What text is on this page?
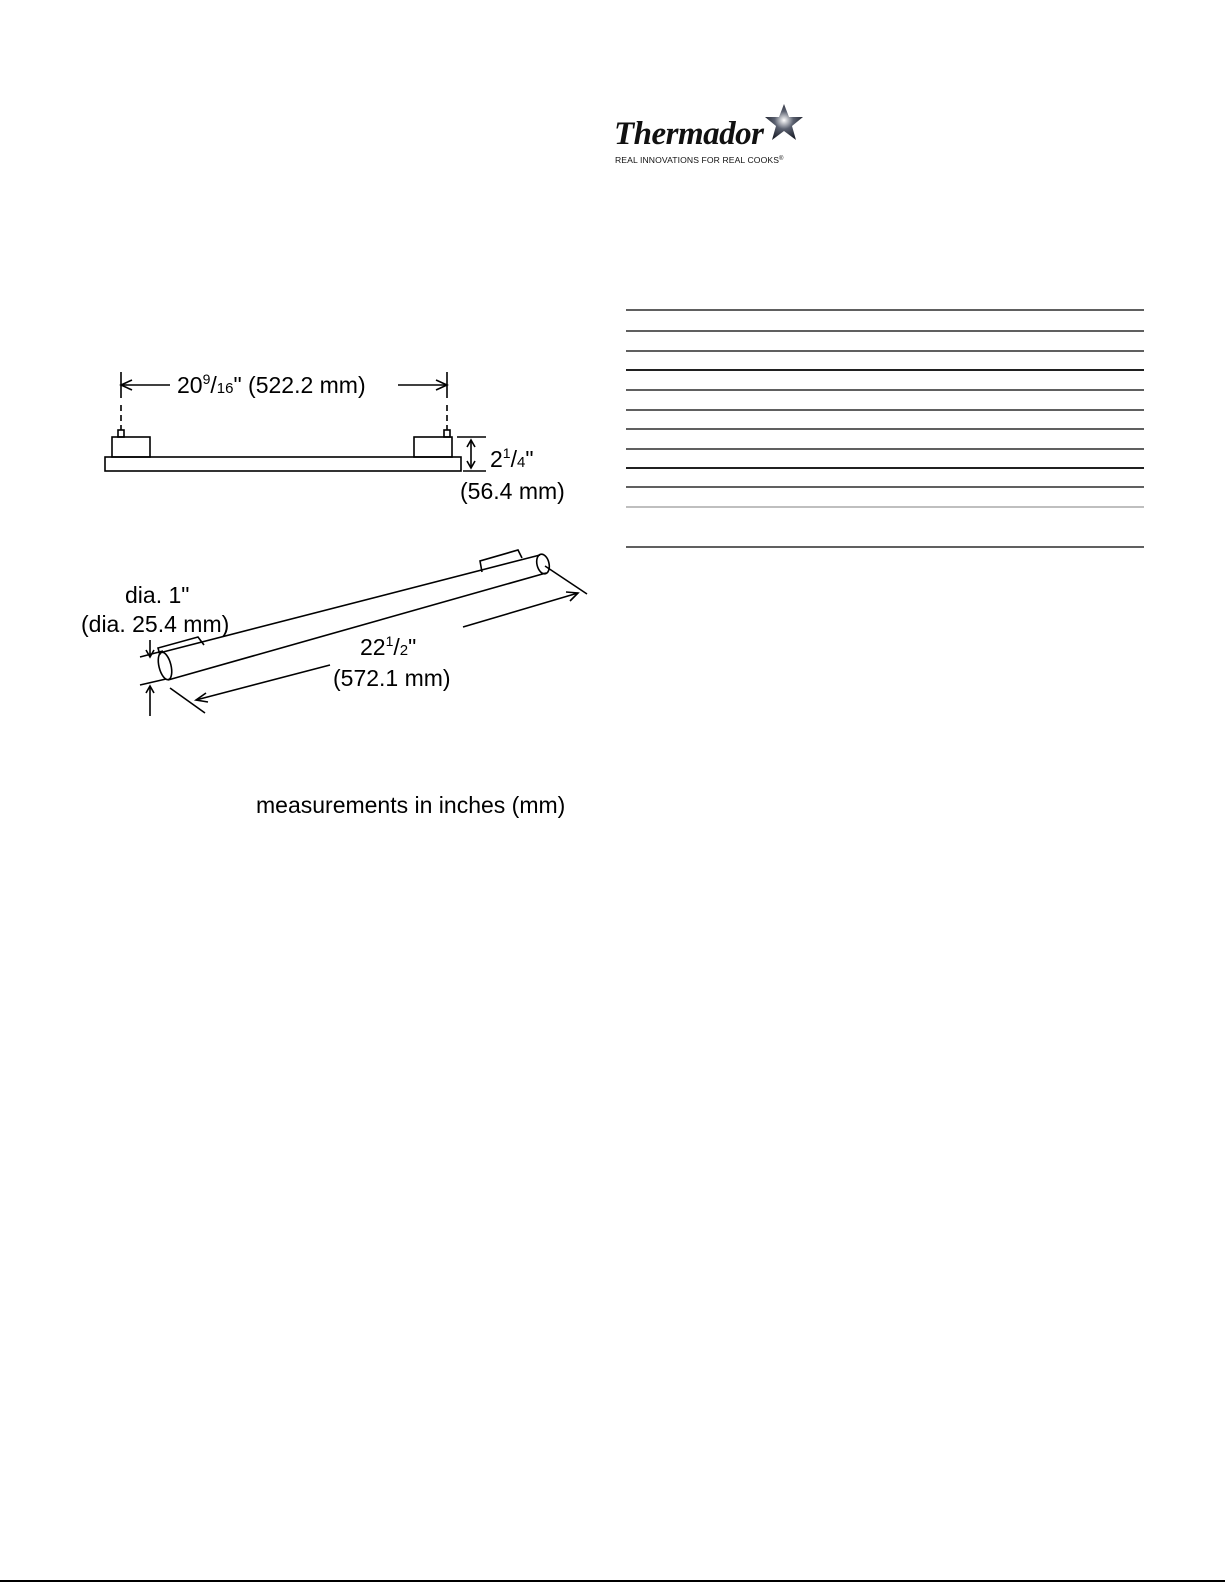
Thermador
REAL INNOVATIONS FOR REAL COOKS®
$20^9/16$" (522.2 mm)
$2^1/4$"
(56.4 mm)
dia. 1"
(dia. 25.4 mm)
$22^1/2$"
(572.1 mm)
measurements in inches (mm)
